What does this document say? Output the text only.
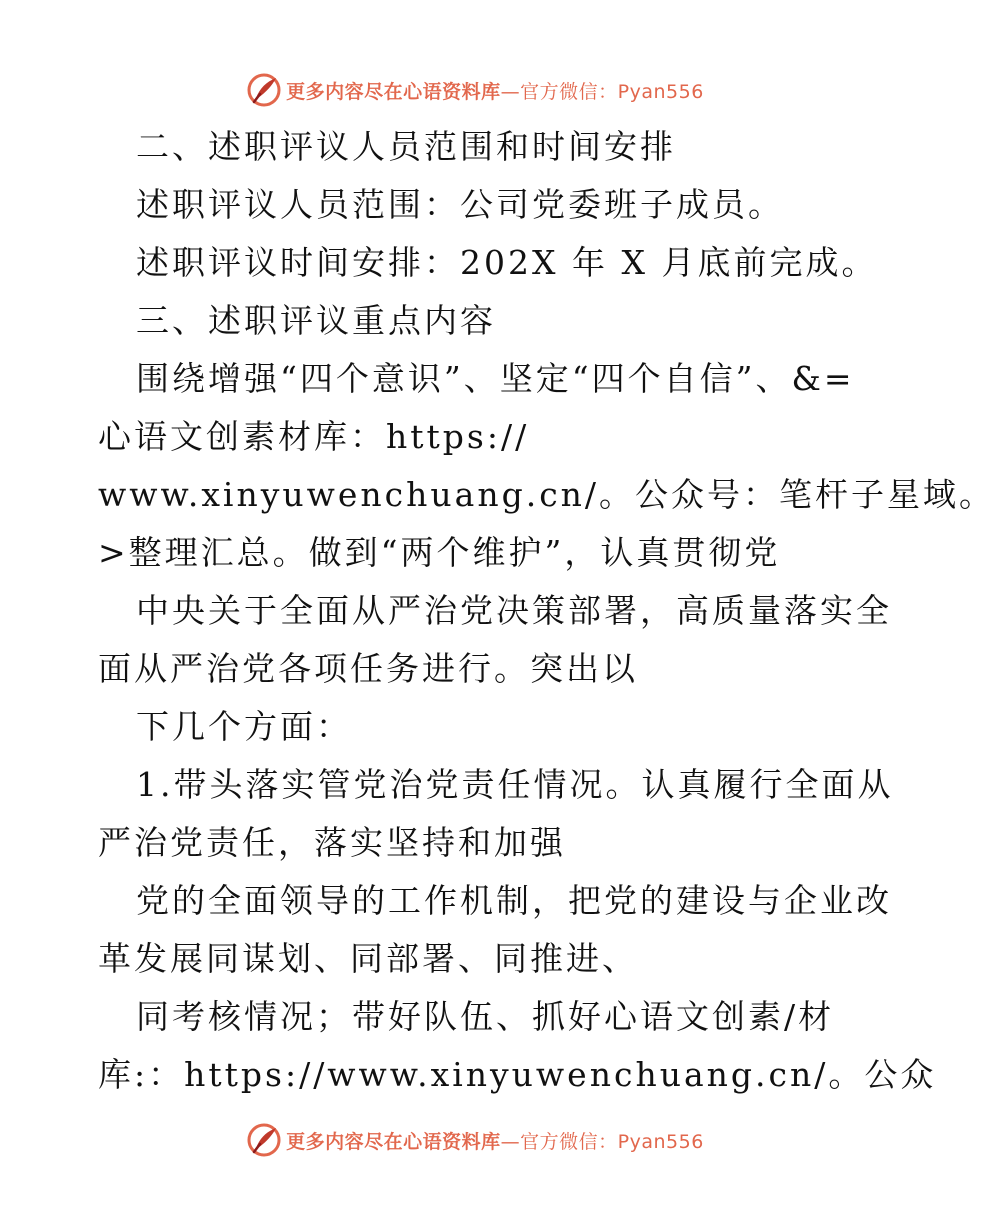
更多内容尽在心语资料库—官方微信：Pyan556
二、述职评议人员范围和时间安排
述职评议人员范围：公司党委班子成员。
述职评议时间安排：202X 年 X 月底前完成。
三、述职评议重点内容
围绕增强“四个意识”、坚定“四个自信”、&=
心语文创素材库：https://
www.xinyuwenchuang.cn/。公众号：笔杆子星域。
>整理汇总。做到“两个维护”，认真贯彻党
中央关于全面从严治党决策部署，高质量落实全
面从严治党各项任务进行。突出以
下几个方面：
1.带头落实管党治党责任情况。认真履行全面从
严治党责任，落实坚持和加强
党的全面领导的工作机制，把党的建设与企业改
革发展同谋划、同部署、同推进、
同考核情况；带好队伍、抓好心语文创素/材
库:：https://www.xinyuwenchuang.cn/。公众
更多内容尽在心语资料库—官方微信：Pyan556
